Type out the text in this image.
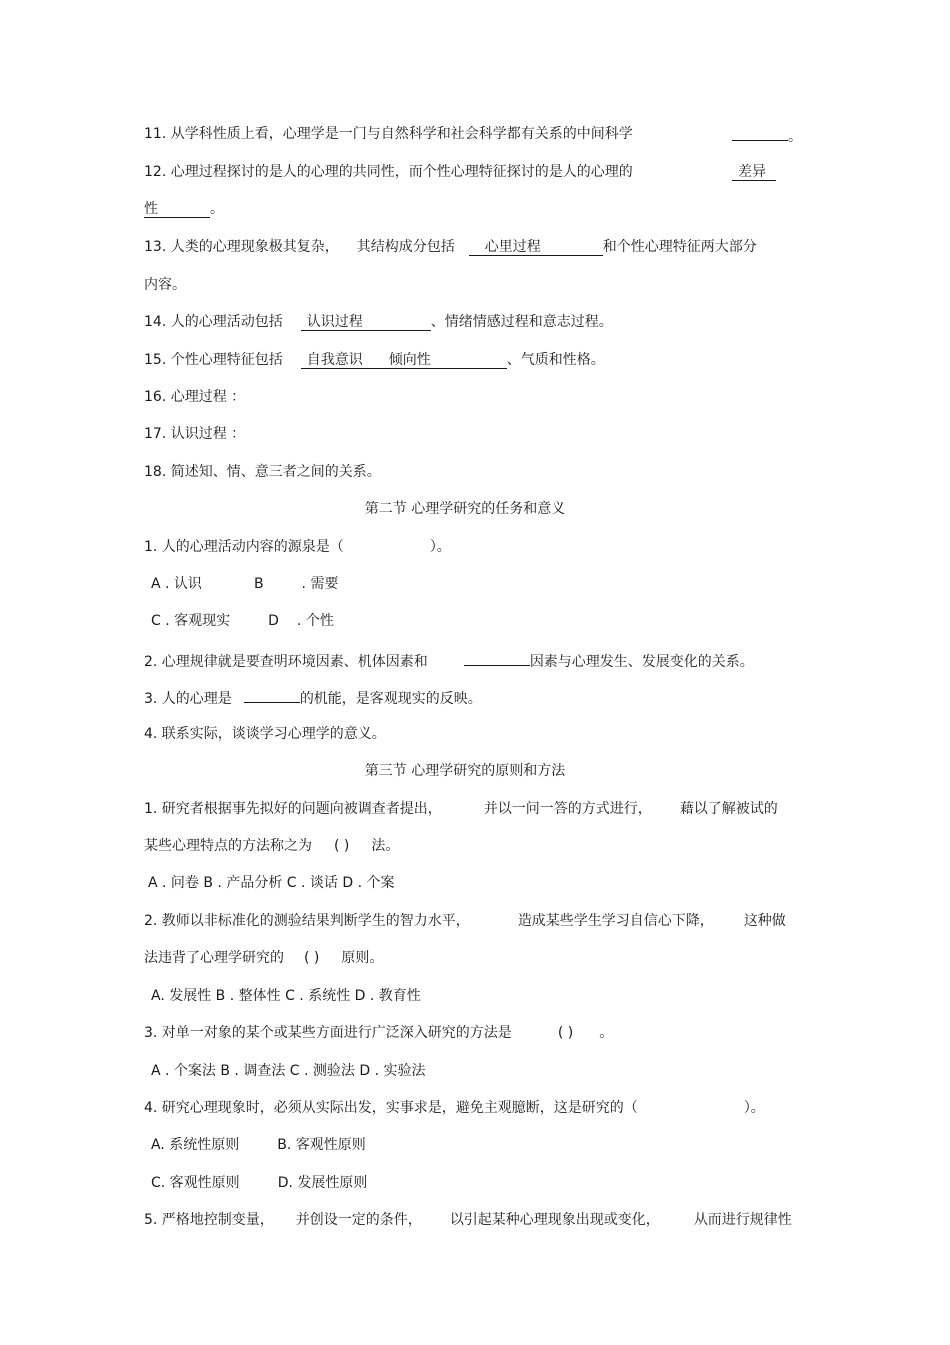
11. 从学科性质上看，心理学是一门与自然科学和社会科学都有关系的中间科学	。
12. 心理过程探讨的是人的心理的共同性，而个性心理特征探讨的是人的心理的	差异
性	。
13. 人类的心理现象极其复杂， 其结构成分包括 心里过程	和个性心理特征两大部分
内容。
14. 人的心理活动包括 认识过程	、情绪情感过程和意志过程。
15. 个性心理特征包括 自我意识 倾向性	、气质和性格。
16. 心理过程 ：
17. 认识过程 ：
18. 简述知、情、意三者之间的关系。
第二节 心理学研究的任务和意义
1. 人的心理活动内容的源泉是（	）。
A . 认识	B	. 需要
C . 客观现实	D . 个性
2. 心理规律就是要查明环境因素、机体因素和	因素与心理发生、发展变化的关系。
3. 人的心理是	的机能，是客观现实的反映。
4. 联系实际，谈谈学习心理学的意义。
第三节 心理学研究的原则和方法
1. 研究者根据事先拟好的问题向被调查者提出，	并以一问一答的方式进行， 藉以了解被试的
某些心理特点的方法称之为 ( ) 法。
A . 问卷 B . 产品分析 C . 谈话 D . 个案
2. 教师以非标准化的测验结果判断学生的智力水平，	造成某些学生学习自信心下降， 这种做
法违背了心理学研究的 ( ) 原则。
A. 发展性 B . 整体性 C . 系统性 D . 教育性
3. 对单一对象的某个或某些方面进行广泛深入研究的方法是	( ) 。
A . 个案法 B . 调查法 C . 测验法 D . 实验法
4. 研究心理现象时，必须从实际出发，实事求是，避免主观臆断，这是研究的（	）。
A. 系统性原则	B. 客观性原则
C. 客观性原则	D. 发展性原则
5. 严格地控制变量， 并创设一定的条件， 以引起某种心理现象出现或变化， 从而进行规律性
